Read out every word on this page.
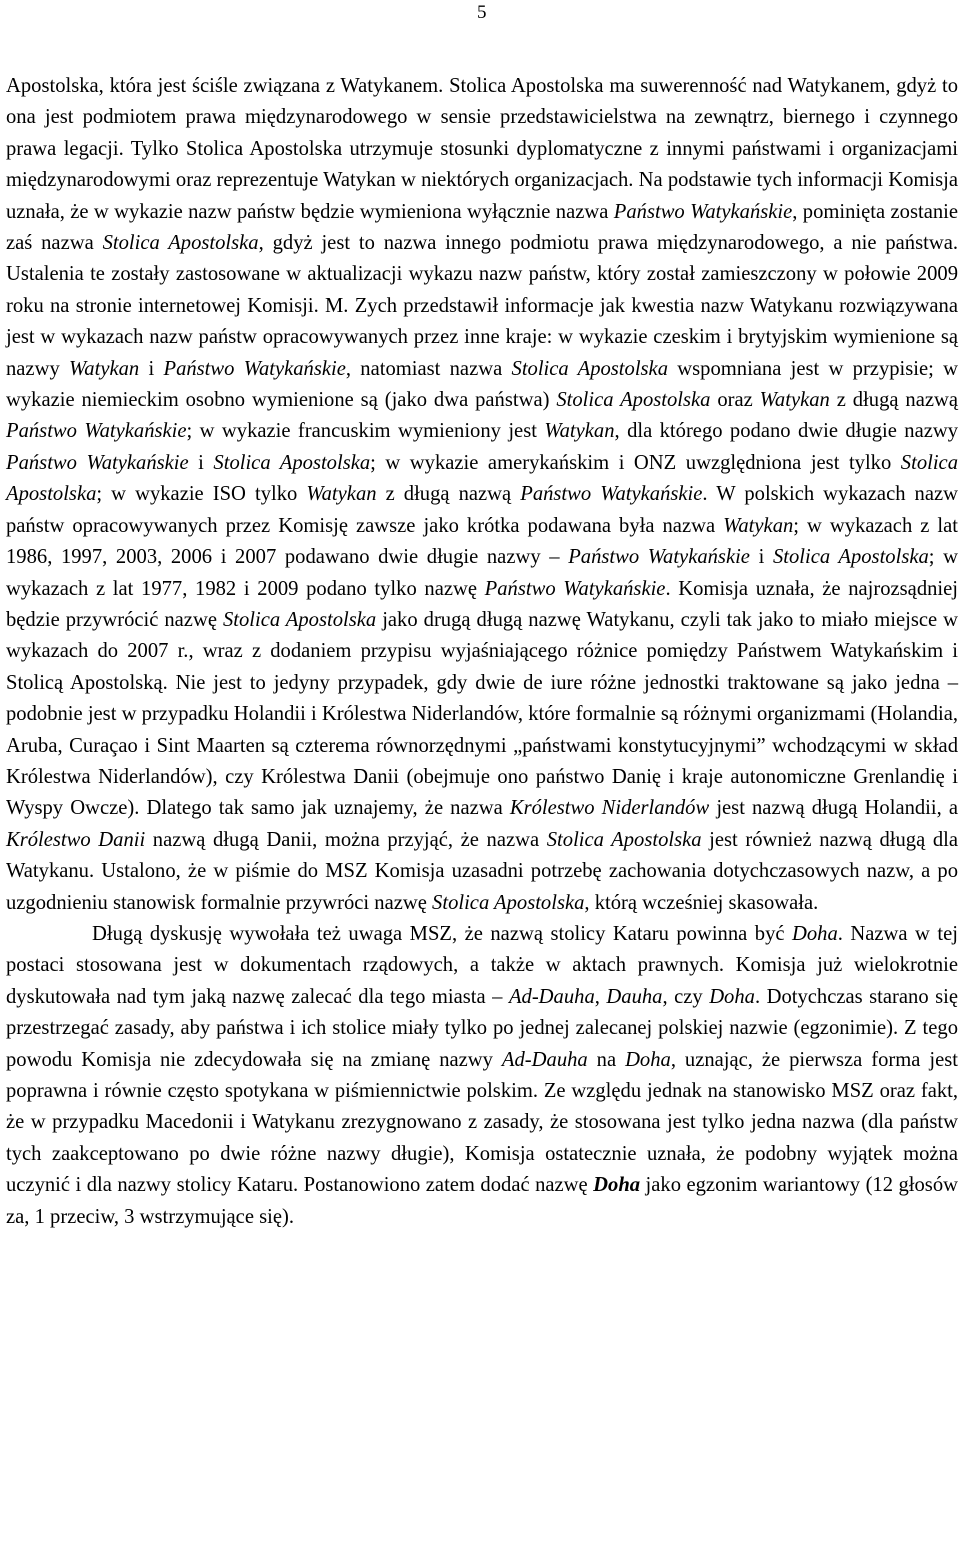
5

Apostolska, która jest ściśle związana z Watykanem. Stolica Apostolska ma suwerenność nad Watykanem, gdyż to ona jest podmiotem prawa międzynarodowego w sensie przedstawicielstwa na zewnątrz, biernego i czynnego prawa legacji. Tylko Stolica Apostolska utrzymuje stosunki dyplomatyczne z innymi państwami i organizacjami międzynarodowymi oraz reprezentuje Watykan w niektórych organizacjach. Na podstawie tych informacji Komisja uznała, że w wykazie nazw państw będzie wymieniona wyłącznie nazwa Państwo Watykańskie, pominięta zostanie zaś nazwa Stolica Apostolska, gdyż jest to nazwa innego podmiotu prawa międzynarodowego, a nie państwa. Ustalenia te zostały zastosowane w aktualizacji wykazu nazw państw, który został zamieszczony w połowie 2009 roku na stronie internetowej Komisji. M. Zych przedstawił informacje jak kwestia nazw Watykanu rozwiązywana jest w wykazach nazw państw opracowywanych przez inne kraje: w wykazie czeskim i brytyjskim wymienione są nazwy Watykan i Państwo Watykańskie, natomiast nazwa Stolica Apostolska wspomniana jest w przypisie; w wykazie niemieckim osobno wymienione są (jako dwa państwa) Stolica Apostolska oraz Watykan z długą nazwą Państwo Watykańskie; w wykazie francuskim wymieniony jest Watykan, dla którego podano dwie długie nazwy Państwo Watykańskie i Stolica Apostolska; w wykazie amerykańskim i ONZ uwzględniona jest tylko Stolica Apostolska; w wykazie ISO tylko Watykan z długą nazwą Państwo Watykańskie. W polskich wykazach nazw państw opracowywanych przez Komisję zawsze jako krótka podawana była nazwa Watykan; w wykazach z lat 1986, 1997, 2003, 2006 i 2007 podawano dwie długie nazwy – Państwo Watykańskie i Stolica Apostolska; w wykazach z lat 1977, 1982 i 2009 podano tylko nazwę Państwo Watykańskie. Komisja uznała, że najrozsądniej będzie przywrócić nazwę Stolica Apostolska jako drugą długą nazwę Watykanu, czyli tak jako to miało miejsce w wykazach do 2007 r., wraz z dodaniem przypisu wyjaśniającego różnice pomiędzy Państwem Watykańskim i Stolicą Apostolską. Nie jest to jedyny przypadek, gdy dwie de iure różne jednostki traktowane są jako jedna – podobnie jest w przypadku Holandii i Królestwa Niderlandów, które formalnie są różnymi organizmami (Holandia, Aruba, Curaçao i Sint Maarten są czterema równorzędnymi „państwami konstytucyjnymi” wchodzącymi w skład Królestwa Niderlandów), czy Królestwa Danii (obejmuje ono państwo Danię i kraje autonomiczne Grenlandię i Wyspy Owcze). Dlatego tak samo jak uznajemy, że nazwa Królestwo Niderlandów jest nazwą długą Holandii, a Królestwo Danii nazwą długą Danii, można przyjąć, że nazwa Stolica Apostolska jest również nazwą długą dla Watykanu. Ustalono, że w piśmie do MSZ Komisja uzasadni potrzebę zachowania dotychczasowych nazw, a po uzgodnieniu stanowisk formalnie przywróci nazwę Stolica Apostolska, którą wcześniej skasowała.

Długą dyskusję wywołała też uwaga MSZ, że nazwą stolicy Kataru powinna być Doha. Nazwa w tej postaci stosowana jest w dokumentach rządowych, a także w aktach prawnych. Komisja już wielokrotnie dyskutowała nad tym jaką nazwę zalecać dla tego miasta – Ad-Dauha, Dauha, czy Doha. Dotychczas starano się przestrzegać zasady, aby państwa i ich stolice miały tylko po jednej zalecanej polskiej nazwie (egzonimie). Z tego powodu Komisja nie zdecydowała się na zmianę nazwy Ad-Dauha na Doha, uznając, że pierwsza forma jest poprawna i równie często spotykana w piśmiennictwie polskim. Ze względu jednak na stanowisko MSZ oraz fakt, że w przypadku Macedonii i Watykanu zrezygnowano z zasady, że stosowana jest tylko jedna nazwa (dla państw tych zaakceptowano po dwie różne nazwy długie), Komisja ostatecznie uznała, że podobny wyjątek można uczynić i dla nazwy stolicy Kataru. Postanowiono zatem dodać nazwę Doha jako egzonim wariantowy (12 głosów za, 1 przeciw, 3 wstrzymujące się).
